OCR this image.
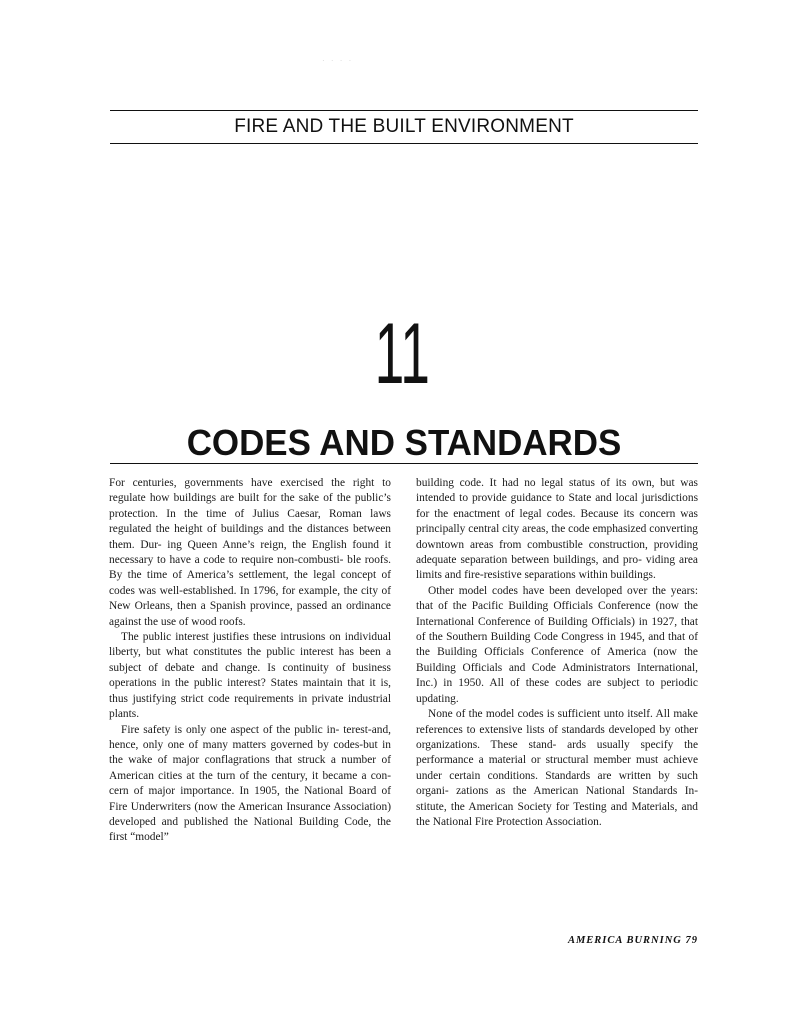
· · · ·
FIRE AND THE BUILT ENVIRONMENT
11
CODES AND STANDARDS

For centuries, governments have exercised the right to regulate how buildings are built for the sake of the public’s protection. In the time of Julius Caesar, Roman laws regulated the height of buildings and the distances between them. Dur- ing Queen Anne’s reign, the English found it necessary to have a code to require non-combusti- ble roofs. By the time of America’s settlement, the legal concept of codes was well-established. In 1796, for example, the city of New Orleans, then a Spanish province, passed an ordinance against the use of wood roofs.

The public interest justifies these intrusions on individual liberty, but what constitutes the public interest has been a subject of debate and change. Is continuity of business operations in the public interest? States maintain that it is, thus justifying strict code requirements in private industrial plants.

Fire safety is only one aspect of the public in- terest-and, hence, only one of many matters governed by codes-but in the wake of major conflagrations that struck a number of American cities at the turn of the century, it became a con- cern of major importance. In 1905, the National Board of Fire Underwriters (now the American Insurance Association) developed and published the National Building Code, the first “model”

building code. It had no legal status of its own, but was intended to provide guidance to State and local jurisdictions for the enactment of legal codes. Because its concern was principally central city areas, the code emphasized converting downtown areas from combustible construction, providing adequate separation between buildings, and pro- viding area limits and fire-resistive separations within buildings.

Other model codes have been developed over the years: that of the Pacific Building Officials Conference (now the International Conference of Building Officials) in 1927, that of the Southern Building Code Congress in 1945, and that of the Building Officials Conference of America (now the Building Officials and Code Administrators International, Inc.) in 1950. All of these codes are subject to periodic updating.

None of the model codes is sufficient unto itself. All make references to extensive lists of standards developed by other organizations. These stand- ards usually specify the performance a material or structural member must achieve under certain conditions. Standards are written by such organi- zations as the American National Standards In- stitute, the American Society for Testing and Materials, and the National Fire Protection Association.

AMERICA BURNING 79
